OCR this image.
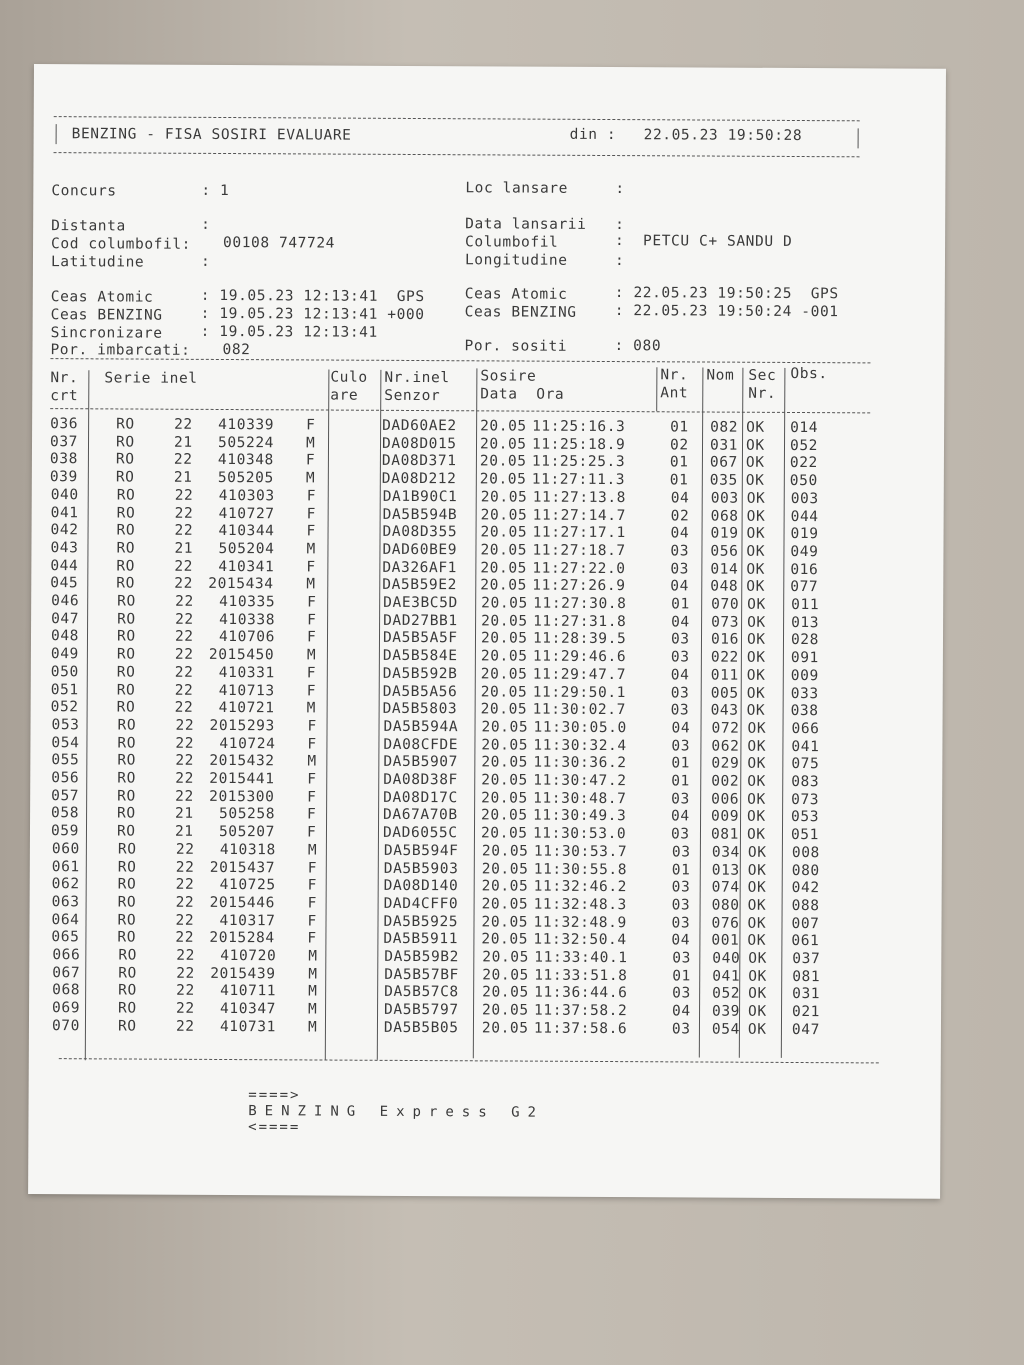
BENZING - FISA SOSIRI EVALUARE	din : 22.05.23 19:50:28
Concurs	: 1
Distanta	:
Cod columbofil: 00108 747724
Latitudine	:
Loc lansare	:
Data lansarii :
Columbofil	:  PETCU C+ SANDU D
Longitudine	:
Ceas Atomic	: 19.05.23 12:13:41  GPS
Ceas BENZING	: 19.05.23 12:13:41 +000
Sincronizare	: 19.05.23 12:13:41
Por. imbarcati: 082
Ceas Atomic	: 22.05.23 19:50:25  GPS
Ceas BENZING	: 22.05.23 19:50:24 -001
Por. sositi	: 080
Nr.
crt
Serie inel	Culo
are
Nr.inel
Senzor
Sosire
Data  Ora
Nr.
Ant
Nom Sec
Nr.
Obs.
036	RO	22 410339 F	DAD60AE2 20.05 11:25:16.3	01 082 OK 014
037	RO	21 505224 M	DA08D015 20.05 11:25:18.9	02 031 OK 052
038	RO	22 410348 F	DA08D371 20.05 11:25:25.3	01 067 OK 022
039	RO	21 505205 M	DA08D212 20.05 11:27:11.3	01 035 OK 050
040	RO	22 410303 F	DA1B90C1 20.05 11:27:13.8	04 003 OK 003
041	RO	22 410727 F	DA5B594B 20.05 11:27:14.7	02 068 OK 044
042	RO	22 410344 F	DA08D355 20.05 11:27:17.1	04 019 OK 019
043	RO	21 505204 M	DAD60BE9 20.05 11:27:18.7	03 056 OK 049
044	RO	22 410341 F	DA326AF1 20.05 11:27:22.0	03 014 OK 016
045	RO	22 2015434 M	DA5B59E2 20.05 11:27:26.9	04 048 OK 077
046	RO	22 410335 F	DAE3BC5D 20.05 11:27:30.8	01 070 OK 011
047	RO	22 410338 F	DAD27BB1 20.05 11:27:31.8	04 073 OK 013
048	RO	22 410706 F	DA5B5A5F 20.05 11:28:39.5	03 016 OK 028
049	RO	22 2015450 M	DA5B584E 20.05 11:29:46.6	03 022 OK 091
050	RO	22 410331 F	DA5B592B 20.05 11:29:47.7	04 011 OK 009
051	RO	22 410713 F	DA5B5A56 20.05 11:29:50.1	03 005 OK 033
052	RO	22 410721 M	DA5B5803 20.05 11:30:02.7	03 043 OK 038
053	RO	22 2015293 F	DA5B594A 20.05 11:30:05.0	04 072 OK 066
054	RO	22 410724 F	DA08CFDE 20.05 11:30:32.4	03 062 OK 041
055	RO	22 2015432 M	DA5B5907 20.05 11:30:36.2	01 029 OK 075
056	RO	22 2015441 F	DA08D38F 20.05 11:30:47.2	01 002 OK 083
057	RO	22 2015300 F	DA08D17C 20.05 11:30:48.7	03 006 OK 073
058	RO	21 505258 F	DA67A70B 20.05 11:30:49.3	04 009 OK 053
059	RO	21 505207 F	DAD6055C 20.05 11:30:53.0	03 081 OK 051
060	RO	22 410318 M	DA5B594F 20.05 11:30:53.7	03 034 OK 008
061	RO	22 2015437 F	DA5B5903 20.05 11:30:55.8	01 013 OK 080
062	RO	22 410725 F	DA08D140 20.05 11:32:46.2	03 074 OK 042
063	RO	22 2015446 F	DAD4CFF0 20.05 11:32:48.3	03 080 OK 088
064	RO	22 410317 F	DA5B5925 20.05 11:32:48.9	03 076 OK 007
065	RO	22 2015284 F	DA5B5911 20.05 11:32:50.4	04 001 OK 061
066	RO	22 410720 M	DA5B59B2 20.05 11:33:40.1	03 040 OK 037
067	RO	22 2015439 M	DA5B57BF 20.05 11:33:51.8	01 041 OK 081
068	RO	22 410711 M	DA5B57C8 20.05 11:36:44.6	03 052 OK 031
069	RO	22 410347 M	DA5B5797 20.05 11:37:58.2	04 039 OK 021
070	RO	22 410731 M	DA5B5B05 20.05 11:37:58.6	03 054 OK 047

====>
BENZING Express G2
<====
